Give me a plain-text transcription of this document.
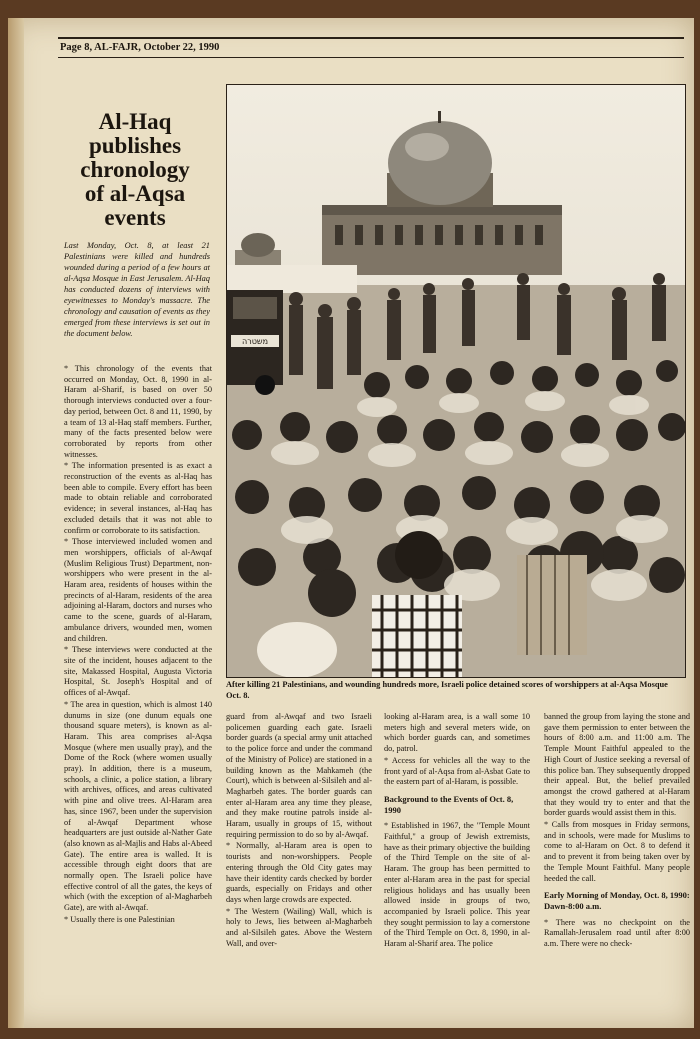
Page 8, AL-FAJR, October 22, 1990
Al-Haq
publishes
chronology
of al-Aqsa
events
Last Monday, Oct. 8, at least 21 Palestinians were killed and hundreds wounded during a period of a few hours at al-Aqsa Mosque in East Jerusalem. Al-Haq has conducted dozens of interviews with eyewitnesses to Monday's massacre. The chronology and causation of events as they emerged from these interviews is set out in the document below.

* This chronology of the events that occurred on Monday, Oct. 8, 1990 in al-Haram al-Sharif, is based on over 50 thorough interviews conducted over a four-day period, between Oct. 8 and 11, 1990, by a team of 13 al-Haq staff members. Further, many of the facts presented below were corroborated by reports from other witnesses.

* The information presented is as exact a reconstruction of the events as al-Haq has been able to compile. Every effort has been made to obtain reliable and corroborated evidence; in several instances, al-Haq has excluded details that it was not able to confirm or corroborate to its satisfaction.

* Those interviewed included women and men worshippers, officials of al-Awqaf (Muslim Religious Trust) Department, non-worshippers who were present in the al-Haram area, residents of houses within the precincts of al-Haram, residents of the area adjoining al-Haram, doctors and nurses who came to the scene, guards of al-Haram, ambulance drivers, wounded men, women and children.

* These interviews were conducted at the site of the incident, houses adjacent to the site, Makassed Hospital, Augusta Victoria Hospital, St. Joseph's Hospital and of offices of al-Awqaf.

* The area in question, which is almost 140 dunums in size (one dunum equals one thousand square meters), is known as al-Haram. This area comprises al-Aqsa Mosque (where men usually pray), and the Dome of the Rock (where women usually pray). In addition, there is a museum, schools, a clinic, a police station, a library with archives, offices, and areas cultivated with pine and olive trees. Al-Haram area has, since 1967, been under the supervision of al-Awqaf Department whose headquarters are just outside al-Nather Gate (also known as al-Majlis and Habs al-Abeed Gate). The entire area is walled. It is accessible through eight doors that are normally open. The Israeli police have effective control of all the gates, the keys of which (with the exception of al-Magharbeh Gate), are with al-Awqaf.

* Usually there is one Palestinian

משטרה
After killing 21 Palestinians, and wounding hundreds more, Israeli police detained scores of worshippers at al-Aqsa Mosque Oct. 8.

guard from al-Awqaf and two Israeli policemen guarding each gate. Israeli border guards (a special army unit attached to the police force and under the command of the Ministry of Police) are stationed in a building known as the Mahkameh (the Court), which is between al-Silsileh and al-Magharbeh gates. The border guards can enter al-Haram area any time they please, and they make routine patrols inside al-Haram, usually in groups of 15, without requiring permission to do so by al-Awqaf.

* Normally, al-Haram area is open to tourists and non-worshippers. People entering through the Old City gates may have their identity cards checked by border guards, especially on Fridays and other days when large crowds are expected.

* The Western (Wailing) Wall, which is holy to Jews, lies between al-Magharbeh and al-Silsileh gates. Above the Western Wall, and over-

looking al-Haram area, is a wall some 10 meters high and several meters wide, on which border guards can, and sometimes do, patrol.

* Access for vehicles all the way to the front yard of al-Aqsa from al-Asbat Gate to the eastern part of al-Haram, is possible.

Background to the Events of Oct. 8, 1990

* Established in 1967, the "Temple Mount Faithful," a group of Jewish extremists, have as their primary objective the building of the Third Temple on the site of al-Haram. The group has been permitted to enter al-Haram area in the past for special religious holidays and has usually been allowed inside in groups of two, accompanied by Israeli police. This year they sought permission to lay a cornerstone of the Third Temple on Oct. 8, 1990, in al-Haram al-Sharif area. The police

banned the group from laying the stone and gave them permission to enter between the hours of 8:00 a.m. and 11:00 a.m. The Temple Mount Faithful appealed to the High Court of Justice seeking a reversal of this police ban. They subsequently dropped their appeal. But, the belief prevailed amongst the crowd gathered at al-Haram that they would try to enter and that the border guards would assist them in this.

* Calls from mosques in Friday sermons, and in schools, were made for Muslims to come to al-Haram on Oct. 8 to defend it and to prevent it from being taken over by the Temple Mount Faithful. Many people heeded the call.

Early Morning of Monday, Oct. 8, 1990: Dawn-8:00 a.m.

* There was no checkpoint on the Ramallah-Jerusalem road until after 8:00 a.m. There were no check-
